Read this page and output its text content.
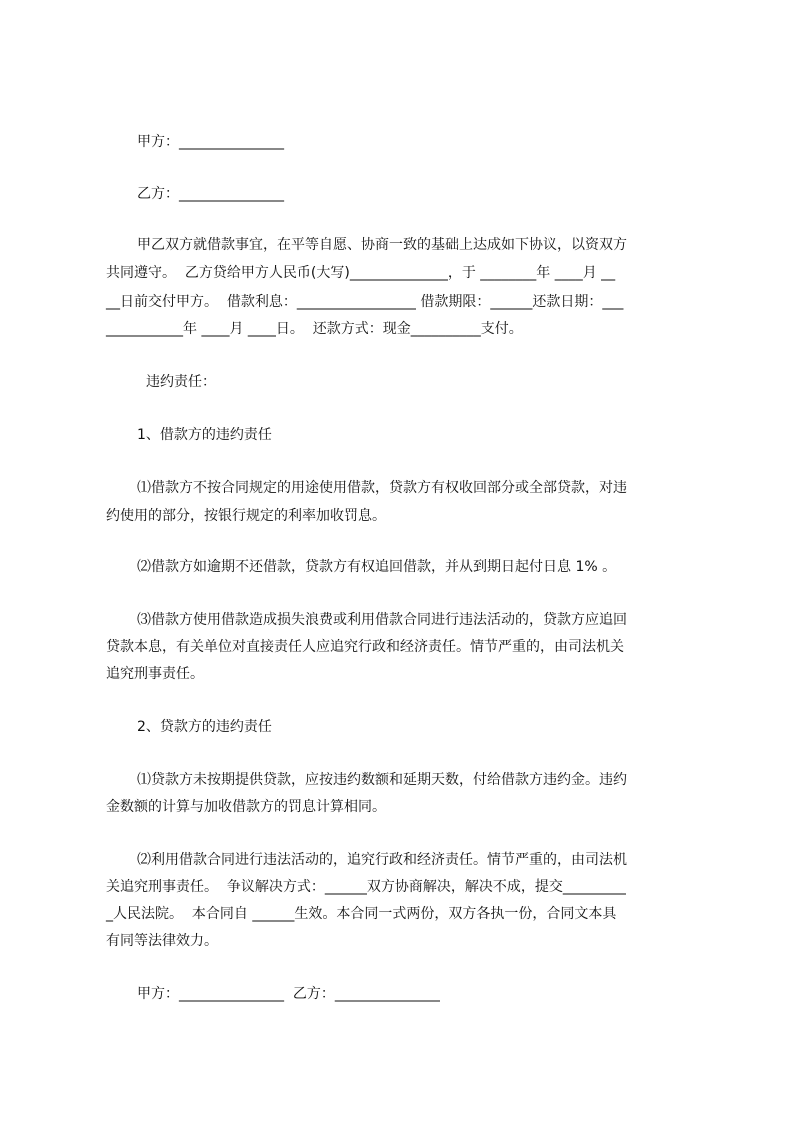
甲方：_______________
乙方：_______________
甲乙双方就借款事宜，在平等自愿、协商一致的基础上达成如下协议，以资双方
共同遵守。  乙方贷给甲方人民币(大写)______________，于 ________年 ____月 __
__日前交付甲方。  借款利息：_________________ 借款期限：______还款日期：___
___________年 ____月 ____日。  还款方式：现金__________支付。
违约责任：
1、借款方的违约责任
⑴借款方不按合同规定的用途使用借款，贷款方有权收回部分或全部贷款，对违
约使用的部分，按银行规定的利率加收罚息。
⑵借款方如逾期不还借款，贷款方有权追回借款，并从到期日起付日息 1% 。
⑶借款方使用借款造成损失浪费或利用借款合同进行违法活动的，贷款方应追回
贷款本息，有关单位对直接责任人应追究行政和经济责任。情节严重的，由司法机关
追究刑事责任。
2、贷款方的违约责任
⑴贷款方未按期提供贷款，应按违约数额和延期天数，付给借款方违约金。违约
金数额的计算与加收借款方的罚息计算相同。
⑵利用借款合同进行违法活动的，追究行政和经济责任。情节严重的，由司法机
关追究刑事责任。  争议解决方式：______双方协商解决，解决不成，提交_________
_人民法院。  本合同自 ______生效。本合同一式两份，双方各执一份，合同文本具
有同等法律效力。
甲方：_______________  乙方：_______________
